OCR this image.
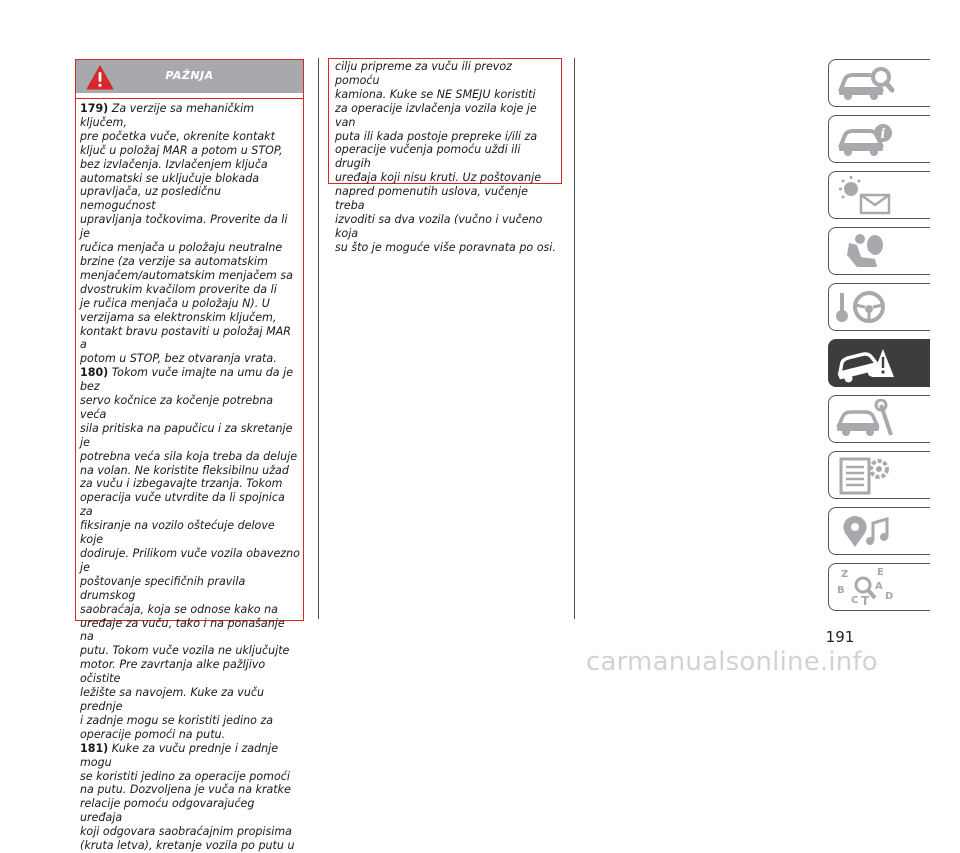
PAŽNJA
179) Za verzije sa mehaničkim ključem,
pre početka vuče, okrenite kontakt
ključ u položaj MAR a potom u STOP,
bez izvlačenja. Izvlačenjem ključa
automatski se uključuje blokada
upravljača, uz posledičnu nemogućnost
upravljanja točkovima. Proverite da li je
ručica menjača u položaju neutralne
brzine (za verzije sa automatskim
menjačem/automatskim menjačem sa
dvostrukim kvačilom proverite da li
je ručica menjača u položaju N). U
verzijama sa elektronskim ključem,
kontakt bravu postaviti u položaj MAR a
potom u STOP, bez otvaranja vrata.
180) Tokom vuče imajte na umu da je bez
servo kočnice za kočenje potrebna veća
sila pritiska na papučicu i za skretanje je
potrebna veća sila koja treba da deluje
na volan. Ne koristite fleksibilnu užad
za vuču i izbegavajte trzanja. Tokom
operacija vuče utvrdite da li spojnica za
fiksiranje na vozilo oštećuje delove koje
dodiruje. Prilikom vuče vozila obavezno je
poštovanje specifičnih pravila drumskog
saobraćaja, koja se odnose kako na
uređaje za vuču, tako i na ponašanje na
putu. Tokom vuče vozila ne uključujte
motor. Pre zavrtanja alke pažljivo očistite
ležište sa navojem. Kuke za vuču prednje
i zadnje mogu se koristiti jedino za
operacije pomoći na putu.
181) Kuke za vuču prednje i zadnje mogu
se koristiti jedino za operacije pomoći
na putu. Dozvoljena je vuča na kratke
relacije pomoću odgovarajućeg uređaja
koji odgovara saobraćajnim propisima
(kruta letva), kretanje vozila po putu u
cilju pripreme za vuču ili prevoz pomoću
kamiona. Kuke se NE SMEJU koristiti
za operacije izvlačenja vozila koje je van
puta ili kada postoje prepreke i/ili za
operacije vučenja pomoću uždi ili drugih
uređaja koji nisu kruti. Uz poštovanje
napred pomenutih uslova, vučenje treba
izvoditi sa dva vozila (vučno i vučeno koja
su što je moguće više poravnata po osi.
i
Z	E
B	A
C T D
191
carmanualsonline.info
